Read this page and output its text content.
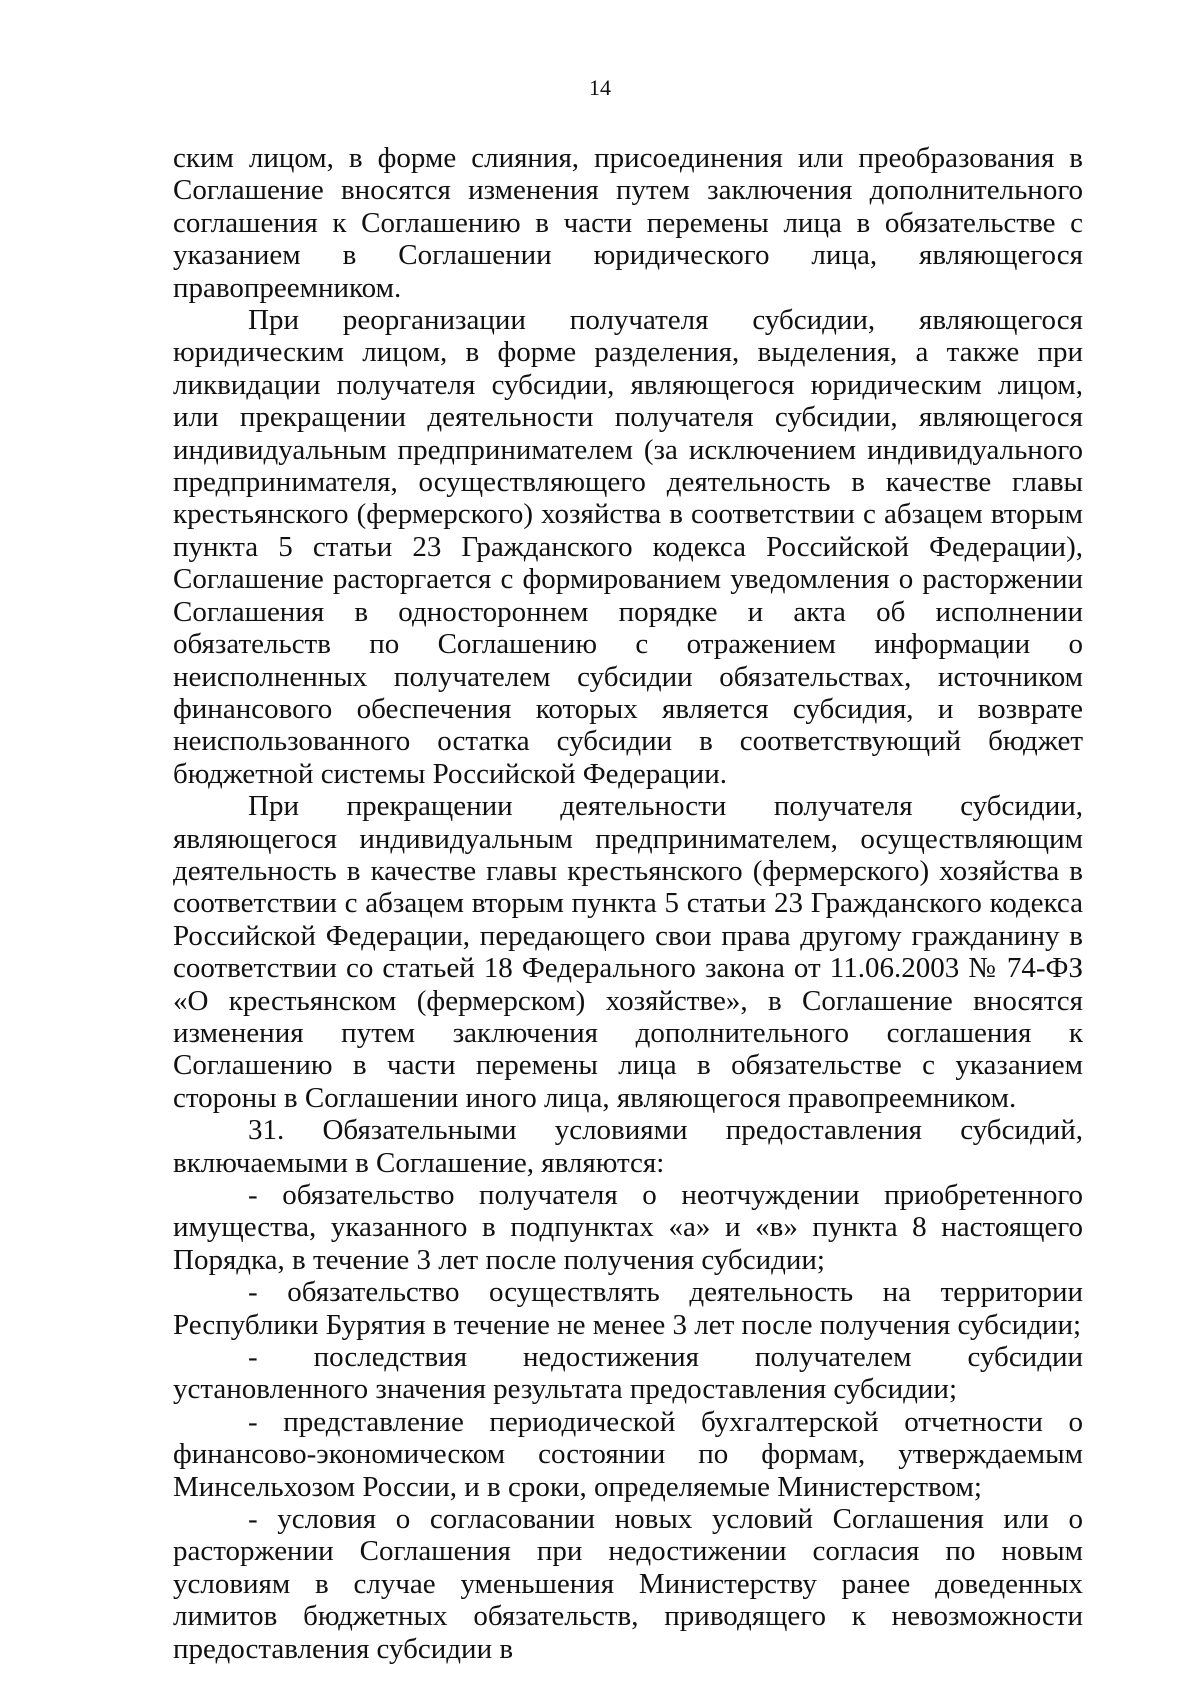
14

ским лицом, в форме слияния, присоединения или преобразования в Соглашение вносятся изменения путем заключения дополнительного соглашения к Соглашению в части перемены лица в обязательстве с указанием в Соглашении юридического лица, являющегося правопреемником.

При реорганизации получателя субсидии, являющегося юридическим лицом, в форме разделения, выделения, а также при ликвидации получателя субсидии, являющегося юридическим лицом, или прекращении деятельности получателя субсидии, являющегося индивидуальным предпринимателем (за исключением индивидуального предпринимателя, осуществляющего деятельность в качестве главы крестьянского (фермерского) хозяйства в соответствии с абзацем вторым пункта 5 статьи 23 Гражданского кодекса Российской Федерации), Соглашение расторгается с формированием уведомления о расторжении Соглашения в одностороннем порядке и акта об исполнении обязательств по Соглашению с отражением информации о неисполненных получателем субсидии обязательствах, источником финансового обеспечения которых является субсидия, и возврате неиспользованного остатка субсидии в соответствующий бюджет бюджетной системы Российской Федерации.

При прекращении деятельности получателя субсидии, являющегося индивидуальным предпринимателем, осуществляющим деятельность в качестве главы крестьянского (фермерского) хозяйства в соответствии с абзацем вторым пункта 5 статьи 23 Гражданского кодекса Российской Федерации, передающего свои права другому гражданину в соответствии со статьей 18 Федерального закона от 11.06.2003 № 74-ФЗ «О крестьянском (фермерском) хозяйстве», в Соглашение вносятся изменения путем заключения дополнительного соглашения к Соглашению в части перемены лица в обязательстве с указанием стороны в Соглашении иного лица, являющегося правопреемником.

31. Обязательными условиями предоставления субсидий, включаемыми в Соглашение, являются:

- обязательство получателя о неотчуждении приобретенного имущества, указанного в подпунктах «а» и «в» пункта 8 настоящего Порядка, в течение 3 лет после получения субсидии;

- обязательство осуществлять деятельность на территории Республики Бурятия в течение не менее 3 лет после получения субсидии;

- последствия недостижения получателем субсидии установленного значения результата предоставления субсидии;

- представление периодической бухгалтерской отчетности о финансово-экономическом состоянии по формам, утверждаемым Минсельхозом России, и в сроки, определяемые Министерством;

- условия о согласовании новых условий Соглашения или о расторжении Соглашения при недостижении согласия по новым условиям в случае уменьшения Министерству ранее доведенных лимитов бюджетных обязательств, приводящего к невозможности предоставления субсидии в
